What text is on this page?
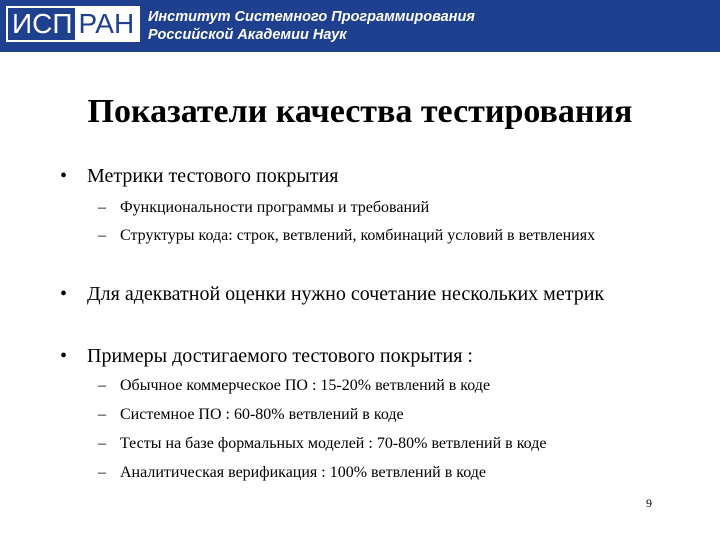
ИСП РАН Институт Системного Программирования
Российской Академии Наук
Показатели качества тестирования
• Метрики тестового покрытия
– Функциональности программы и требований
– Структуры кода: строк, ветвлений, комбинаций условий в ветвлениях
• Для адекватной оценки нужно сочетание нескольких метрик
• Примеры достигаемого тестового покрытия :
– Обычное коммерческое ПО : 15-20% ветвлений в коде
– Системное ПО : 60-80% ветвлений в коде
– Тесты на базе формальных моделей : 70-80% ветвлений в коде
– Аналитическая верификация : 100% ветвлений в коде
9
